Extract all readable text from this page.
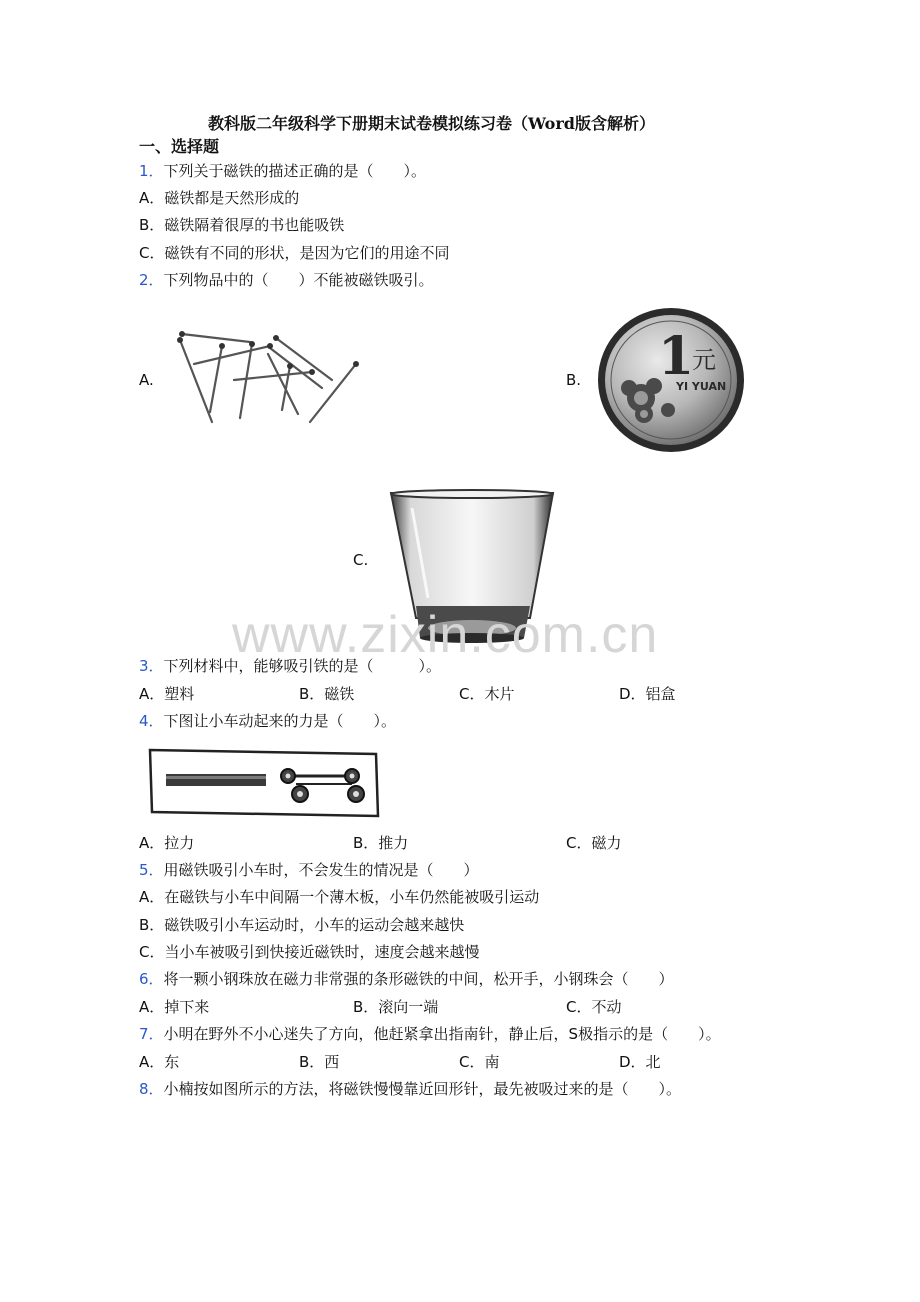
教科版二年级科学下册期末试卷模拟练习卷（Word版含解析）
一、选择题
1．下列关于磁铁的描述正确的是（　　）。
A．磁铁都是天然形成的
B．磁铁隔着很厚的书也能吸铁
C．磁铁有不同的形状，是因为它们的用途不同
2．下列物品中的（　　）不能被磁铁吸引。
A.	B.
C.
1
元
YI YUAN
www.zixin.com.cn
3．下列材料中，能够吸引铁的是（　　　）。
A．塑料	B．磁铁	C．木片	D．铝盒
4．下图让小车动起来的力是（　　）。
A．拉力	B．推力	C．磁力
5．用磁铁吸引小车时，不会发生的情况是（　　）
A．在磁铁与小车中间隔一个薄木板，小车仍然能被吸引运动
B．磁铁吸引小车运动时，小车的运动会越来越快
C．当小车被吸引到快接近磁铁时，速度会越来越慢
6．将一颗小钢珠放在磁力非常强的条形磁铁的中间，松开手，小钢珠会（　　）
A．掉下来	B．滚向一端	C．不动
7．小明在野外不小心迷失了方向，他赶紧拿出指南针，静止后，S极指示的是（　　）。
A．东	B．西	C．南	D．北
8．小楠按如图所示的方法，将磁铁慢慢靠近回形针，最先被吸过来的是（　　）。
